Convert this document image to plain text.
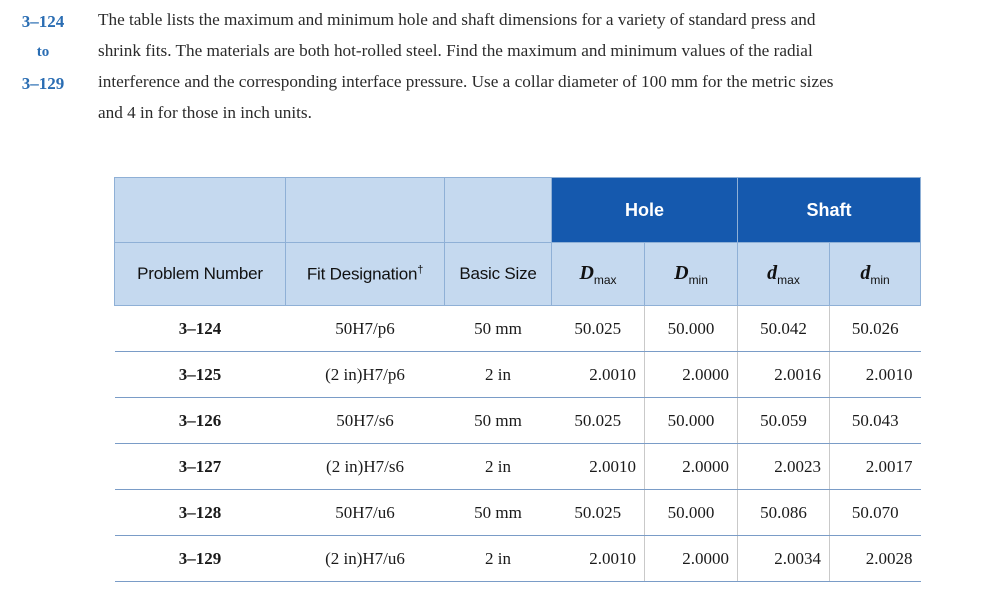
3–124
to
3–129
The table lists the maximum and minimum hole and shaft dimensions for a variety of standard press and
shrink fits. The materials are both hot-rolled steel. Find the maximum and minimum values of the radial
interference and the corresponding interface pressure. Use a collar diameter of 100 mm for the metric sizes
and 4 in for those in inch units.
			Hole		Shaft	
Problem Number	Fit Designation†	Basic Size	$D_{max}$	$D_{min}$	$d_{max}$	$d_{min}$
3–124	50H7/p6	50 mm	50.025	50.000	50.042	50.026
3–125	(2 in)H7/p6	2 in	2.0010	2.0000	2.0016	2.0010
3–126	50H7/s6	50 mm	50.025	50.000	50.059	50.043
3–127	(2 in)H7/s6	2 in	2.0010	2.0000	2.0023	2.0017
3–128	50H7/u6	50 mm	50.025	50.000	50.086	50.070
3–129	(2 in)H7/u6	2 in	2.0010	2.0000	2.0034	2.0028
